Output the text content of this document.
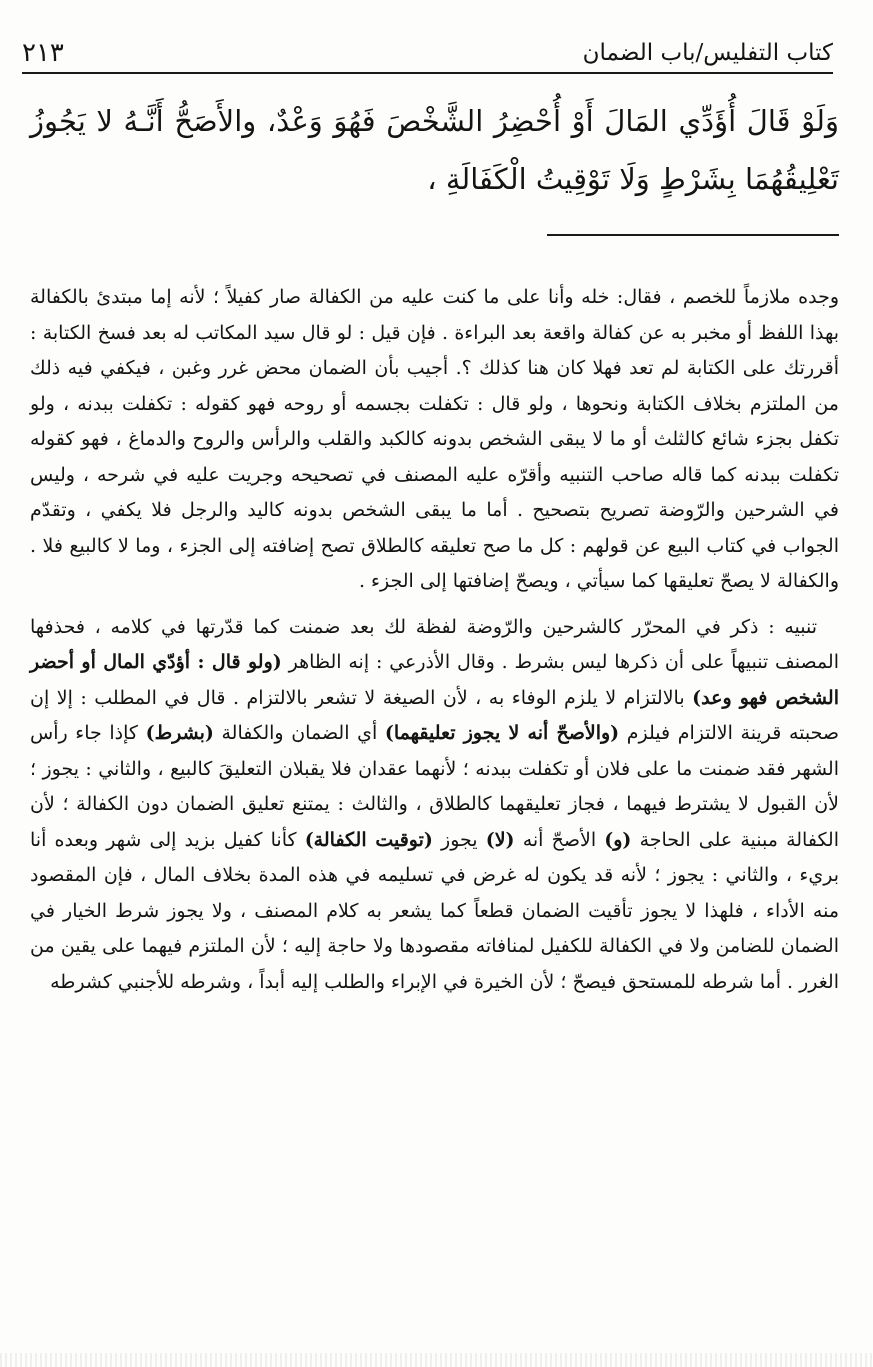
كتاب التفليس/باب الضمان
٢١٣
وَلَوْ قَالَ أُؤَدِّي المَالَ أَوْ أُحْضِرُ الشَّخْصَ فَهُوَ وَعْدٌ، والأَصَحُّ أَنَّـهُ لا يَجُوزُ تَعْلِيقُهُمَا بِشَرْطٍ وَلَا تَوْقِيتُ الْكَفَالَةِ ،

وجده ملازماً للخصم ، فقال: خله وأنا على ما كنت عليه من الكفالة صار كفيلاً ؛ لأنه إما مبتدئ بالكفالة بهذا اللفظ أو مخبر به عن كفالة واقعة بعد البراءة . فإن قيل : لو قال سيد المكاتب له بعد فسخ الكتابة : أقررتك على الكتابة لم تعد فهلا كان هنا كذلك ؟. أجيب بأن الضمان محض غرر وغبن ، فيكفي فيه ذلك من الملتزم بخلاف الكتابة ونحوها ، ولو قال : تكفلت بجسمه أو روحه فهو كقوله : تكفلت ببدنه ، ولو تكفل بجزء شائع كالثلث أو ما لا يبقى الشخص بدونه كالكبد والقلب والرأس والروح والدماغ ، فهو كقوله تكفلت ببدنه كما قاله صاحب التنبيه وأقرّه عليه المصنف في تصحيحه وجريت عليه في شرحه ، وليس في الشرحين والرّوضة تصريح بتصحيح . أما ما يبقى الشخص بدونه كاليد والرجل فلا يكفي ، وتقدّم الجواب في كتاب البيع عن قولهم : كل ما صح تعليقه كالطلاق تصح إضافته إلى الجزء ، وما لا كالبيع فلا . والكفالة لا يصحّ تعليقها كما سيأتي ، ويصحّ إضافتها إلى الجزء .

تنبيه : ذكر في المحرّر كالشرحين والرّوضة لفظة لك بعد ضمنت كما قدّرتها في كلامه ، فحذفها المصنف تنبيهاً على أن ذكرها ليس بشرط . وقال الأذرعي : إنه الظاهر (ولو قال : أؤدّي المال أو أحضر الشخص فهو وعد) بالالتزام لا يلزم الوفاء به ، لأن الصيغة لا تشعر بالالتزام . قال في المطلب : إلا إن صحبته قرينة الالتزام فيلزم (والأصحّ أنه لا يجوز تعليقهما) أي الضمان والكفالة (بشرط) كإذا جاء رأس الشهر فقد ضمنت ما على فلان أو تكفلت ببدنه ؛ لأنهما عقدان فلا يقبلان التعليقَ كالبيع ، والثاني : يجوز ؛ لأن القبول لا يشترط فيهما ، فجاز تعليقهما كالطلاق ، والثالث : يمتنع تعليق الضمان دون الكفالة ؛ لأن الكفالة مبنية على الحاجة (و) الأصحّ أنه (لا) يجوز (توقيت الكفالة) كأنا كفيل بزيد إلى شهر وبعده أنا بريء ، والثاني : يجوز ؛ لأنه قد يكون له غرض في تسليمه في هذه المدة بخلاف المال ، فإن المقصود منه الأداء ، فلهذا لا يجوز تأقيت الضمان قطعاً كما يشعر به كلام المصنف ، ولا يجوز شرط الخيار في الضمان للضامن ولا في الكفالة للكفيل لمنافاته مقصودها ولا حاجة إليه ؛ لأن الملتزم فيهما على يقين من الغرر . أما شرطه للمستحق فيصحّ ؛ لأن الخيرة في الإبراء والطلب إليه أبداً ، وشرطه للأجنبي كشرطه
